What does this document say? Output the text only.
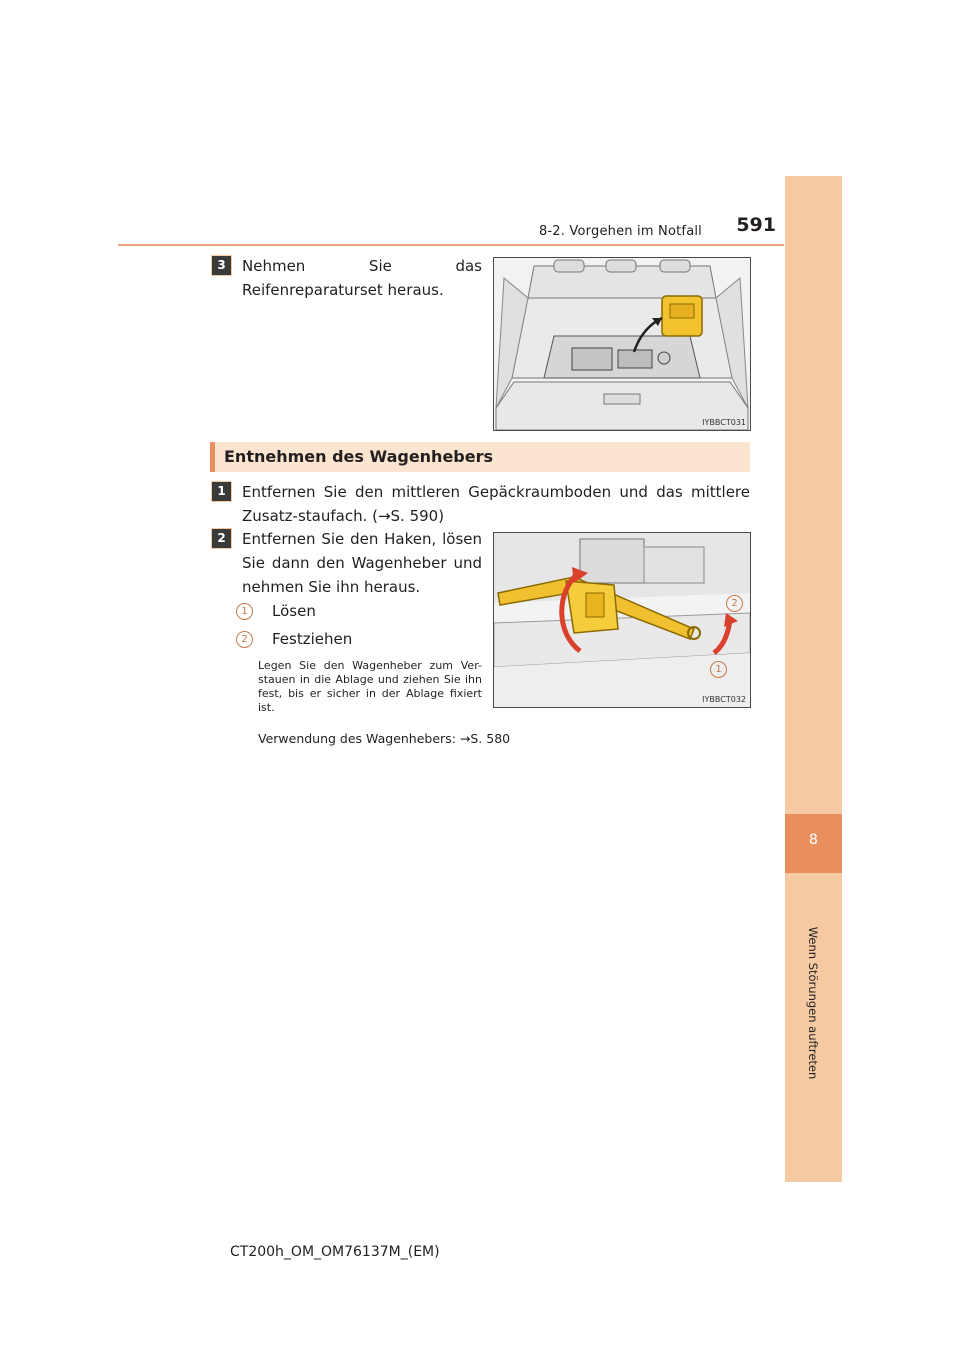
8-2. Vorgehen im Notfall	591
8
Wenn Störungen auftreten
3	Nehmen Sie das Reifenreparaturset heraus.
IYBBCT031
Entnehmen des Wagenhebers
1	Entfernen Sie den mittleren Gepäckraumboden und das mittlere Zusatz-staufach. (→S. 590)
2	Entfernen Sie den Haken, lösen Sie dann den Wagenheber und nehmen Sie ihn heraus.
1	Lösen
2	Festziehen
Legen Sie den Wagenheber zum Ver-stauen in die Ablage und ziehen Sie ihn fest, bis er sicher in der Ablage fixiert ist.
Verwendung des Wagenhebers: →S. 580
2
1
IYBBCT032
CT200h_OM_OM76137M_(EM)
